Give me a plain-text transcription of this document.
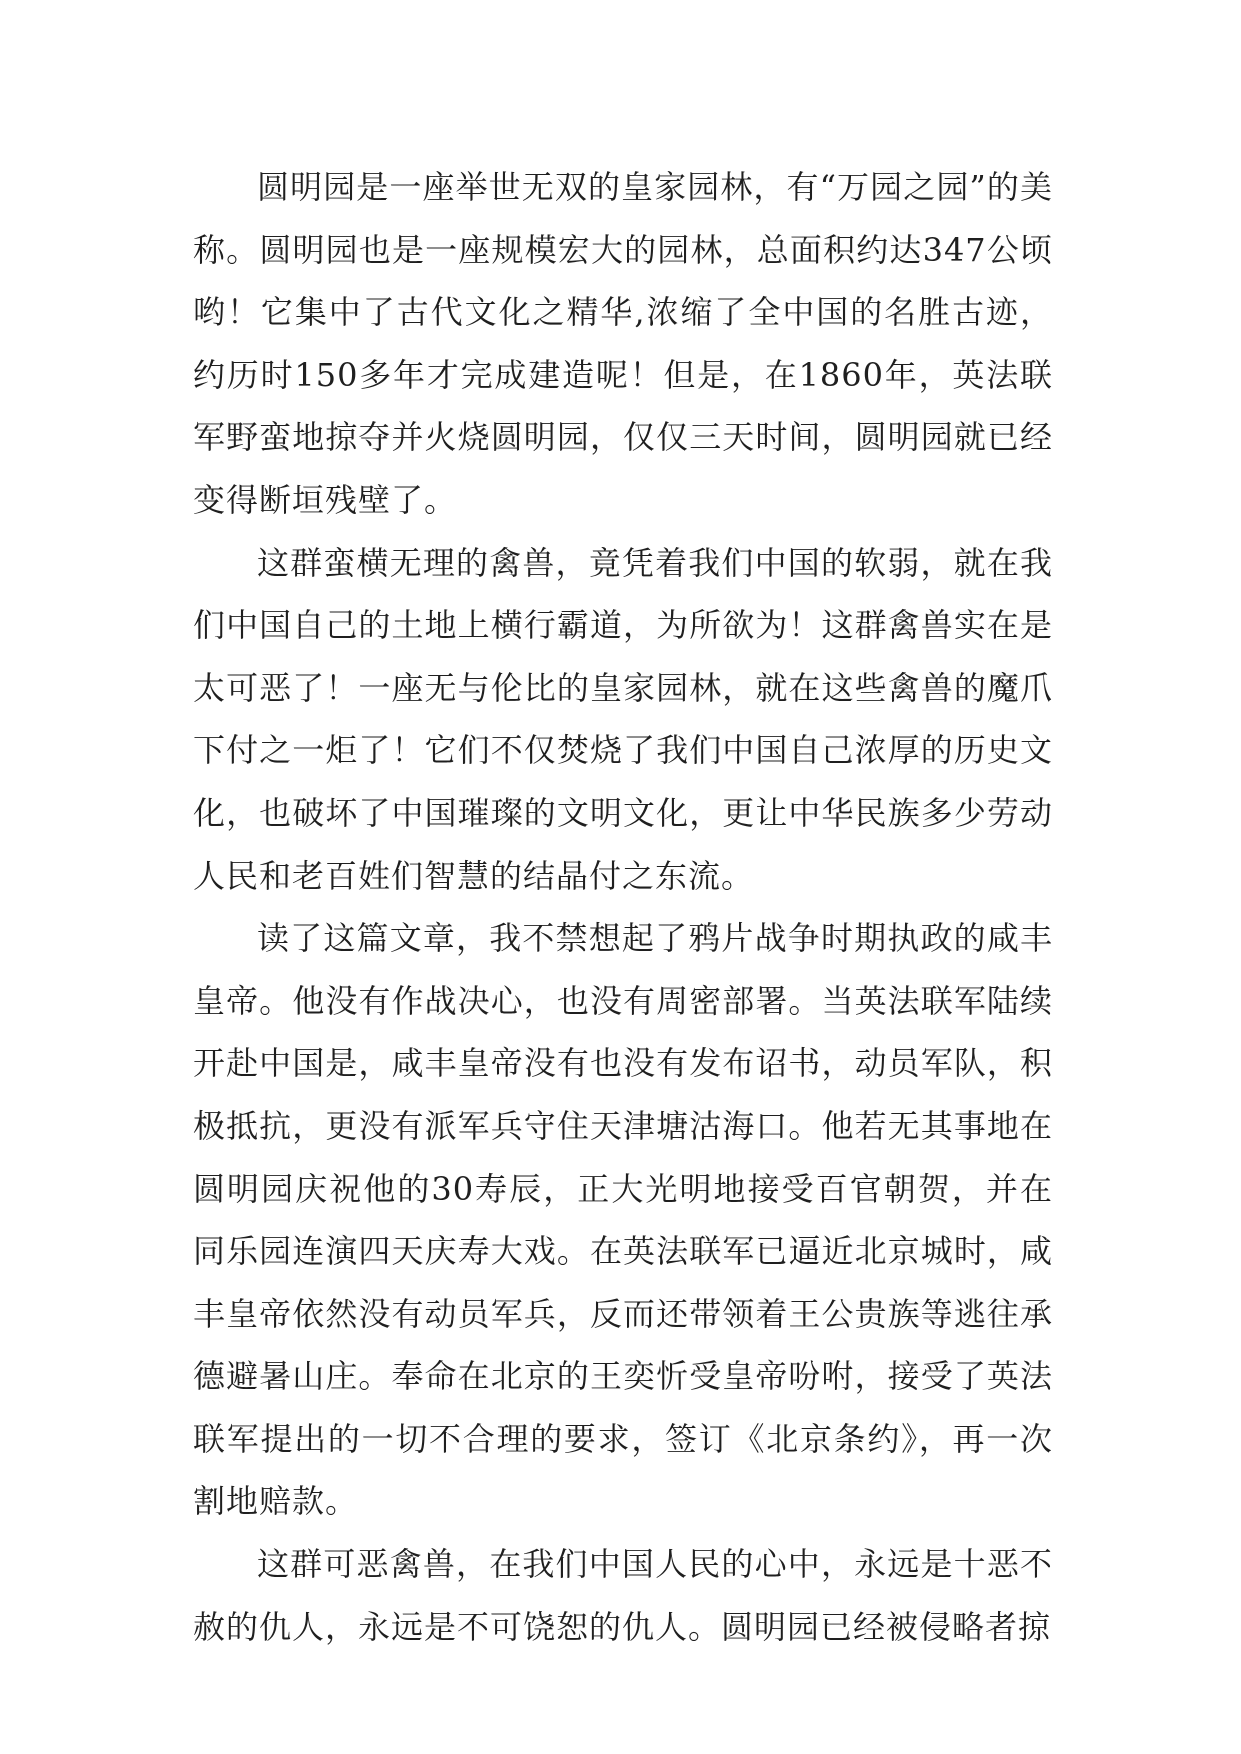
圆明园是一座举世无双的皇家园林，有“万园之园”的美称。圆明园也是一座规模宏大的园林，总面积约达347公顷哟！它集中了古代文化之精华,浓缩了全中国的名胜古迹，约历时150多年才完成建造呢！但是，在1860年，英法联军野蛮地掠夺并火烧圆明园，仅仅三天时间，圆明园就已经变得断垣残壁了。

这群蛮横无理的禽兽，竟凭着我们中国的软弱，就在我们中国自己的土地上横行霸道，为所欲为！这群禽兽实在是太可恶了！一座无与伦比的皇家园林，就在这些禽兽的魔爪下付之一炬了！它们不仅焚烧了我们中国自己浓厚的历史文化，也破坏了中国璀璨的文明文化，更让中华民族多少劳动人民和老百姓们智慧的结晶付之东流。

读了这篇文章，我不禁想起了鸦片战争时期执政的咸丰皇帝。他没有作战决心，也没有周密部署。当英法联军陆续开赴中国是，咸丰皇帝没有也没有发布诏书，动员军队，积极抵抗，更没有派军兵守住天津塘沽海口。他若无其事地在圆明园庆祝他的30寿辰，正大光明地接受百官朝贺，并在同乐园连演四天庆寿大戏。在英法联军已逼近北京城时，咸丰皇帝依然没有动员军兵，反而还带领着王公贵族等逃往承德避暑山庄。奉命在北京的王奕忻受皇帝吩咐，接受了英法联军提出的一切不合理的要求，签订《北京条约》，再一次割地赔款。

这群可恶禽兽，在我们中国人民的心中，永远是十恶不赦的仇人，永远是不可饶恕的仇人。圆明园已经被侵略者掠
